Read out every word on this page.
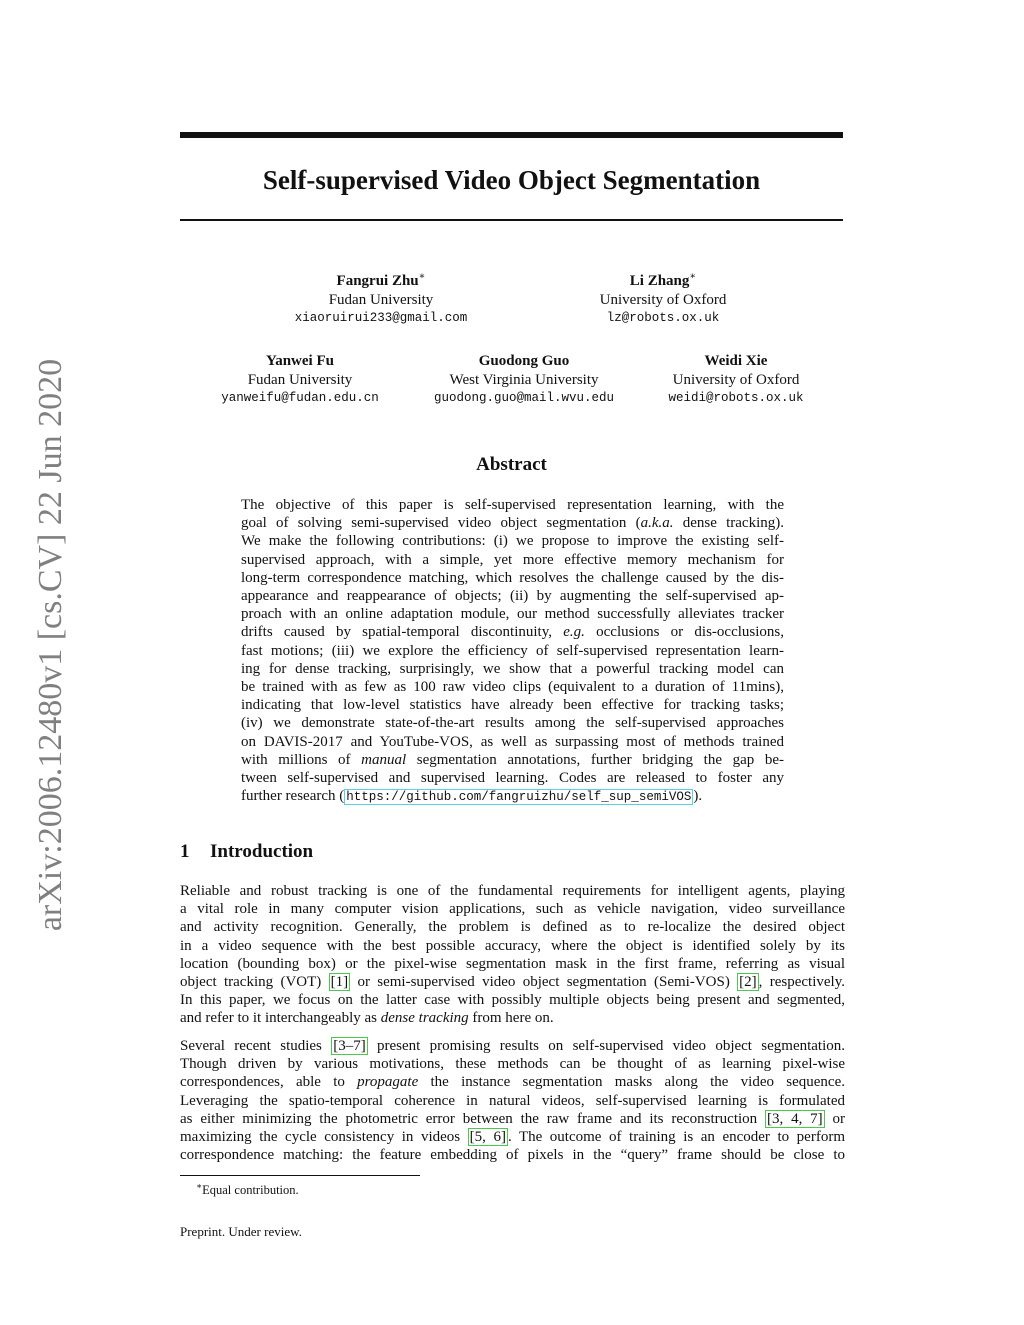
arXiv:2006.12480v1 [cs.CV] 22 Jun 2020
Self-supervised Video Object Segmentation
Fangrui Zhu∗
Fudan University
xiaoruirui233@gmail.com
Li Zhang∗
University of Oxford
lz@robots.ox.uk
Yanwei Fu
Fudan University
yanweifu@fudan.edu.cn
Guodong Guo
West Virginia University
guodong.guo@mail.wvu.edu
Weidi Xie
University of Oxford
weidi@robots.ox.uk
Abstract
The objective of this paper is self-supervised representation learning, with the
goal of solving semi-supervised video object segmentation (a.k.a. dense tracking).
We make the following contributions: (i) we propose to improve the existing self-
supervised approach, with a simple, yet more effective memory mechanism for
long-term correspondence matching, which resolves the challenge caused by the dis-
appearance and reappearance of objects; (ii) by augmenting the self-supervised ap-
proach with an online adaptation module, our method successfully alleviates tracker
drifts caused by spatial-temporal discontinuity, e.g. occlusions or dis-occlusions,
fast motions; (iii) we explore the efficiency of self-supervised representation learn-
ing for dense tracking, surprisingly, we show that a powerful tracking model can
be trained with as few as 100 raw video clips (equivalent to a duration of 11mins),
indicating that low-level statistics have already been effective for tracking tasks;
(iv) we demonstrate state-of-the-art results among the self-supervised approaches
on DAVIS-2017 and YouTube-VOS, as well as surpassing most of methods trained
with millions of manual segmentation annotations, further bridging the gap be-
tween self-supervised and supervised learning. Codes are released to foster any
further research ( https://github.com/fangruizhu/self_sup_semiVOS ).
1 Introduction
Reliable and robust tracking is one of the fundamental requirements for intelligent agents, playing
a vital role in many computer vision applications, such as vehicle navigation, video surveillance
and activity recognition. Generally, the problem is defined as to re-localize the desired object
in a video sequence with the best possible accuracy, where the object is identified solely by its
location (bounding box) or the pixel-wise segmentation mask in the first frame, referring as visual
object tracking (VOT) [1] or semi-supervised video object segmentation (Semi-VOS) [2] , respectively.
In this paper, we focus on the latter case with possibly multiple objects being present and segmented,
and refer to it interchangeably as dense tracking from here on.
Several recent studies [3–7] present promising results on self-supervised video object segmentation.
Though driven by various motivations, these methods can be thought of as learning pixel-wise
correspondences, able to propagate the instance segmentation masks along the video sequence.
Leveraging the spatio-temporal coherence in natural videos, self-supervised learning is formulated
as either minimizing the photometric error between the raw frame and its reconstruction [3, 4, 7] or
maximizing the cycle consistency in videos [5, 6] . The outcome of training is an encoder to perform
correspondence matching: the feature embedding of pixels in the “query” frame should be close to
∗Equal contribution.
Preprint. Under review.
